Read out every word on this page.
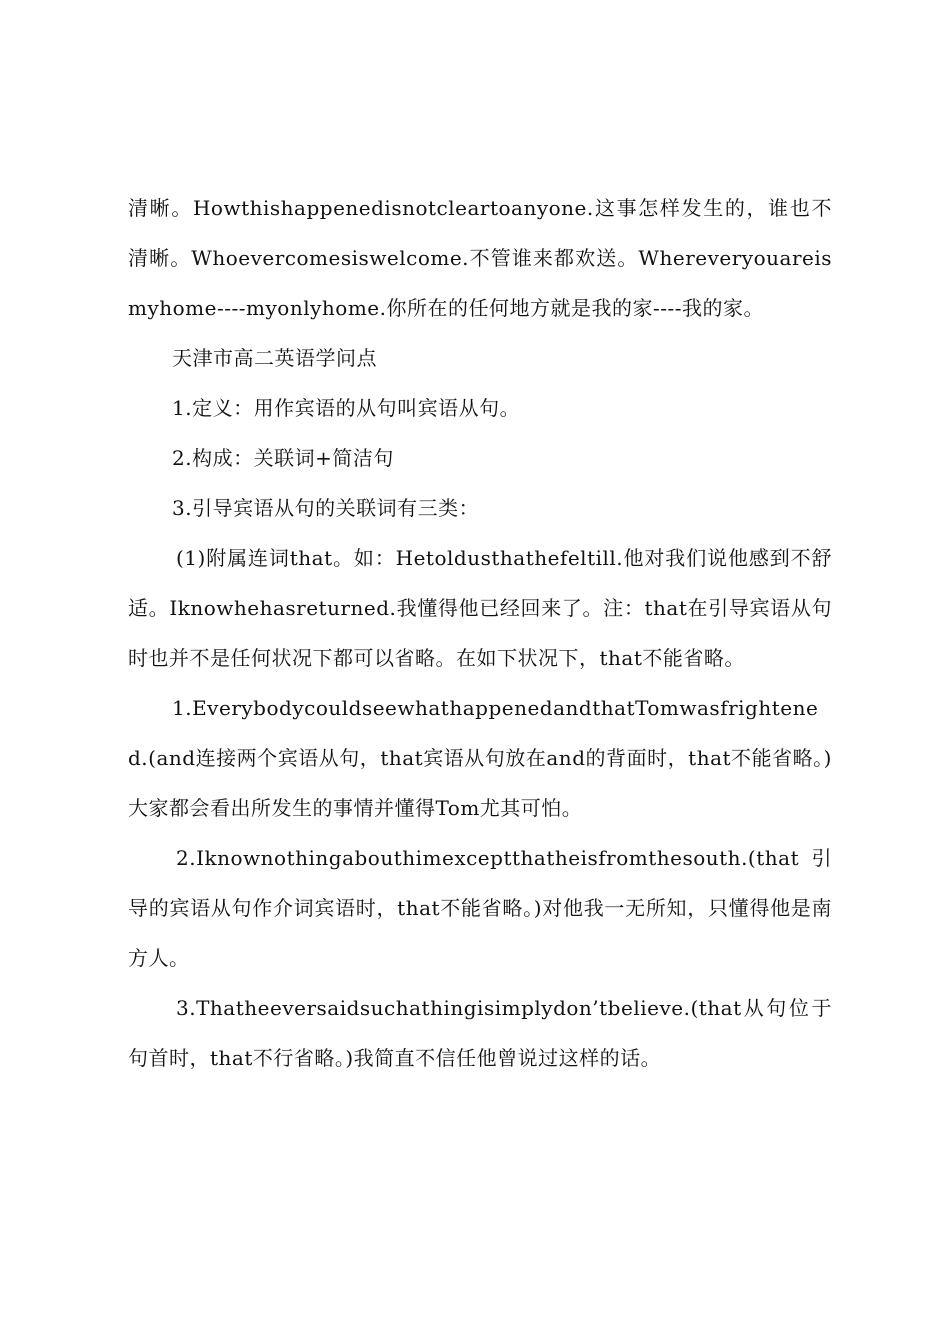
清晰。Howthishappenedisnotcleartoanyone.这事怎样发生的，谁也不清晰。Whoevercomesiswelcome.不管谁来都欢送。Whereveryouareismyhome----myonlyhome.你所在的任何地方就是我的家----我的家。

天津市高二英语学问点

1.定义：用作宾语的从句叫宾语从句。

2.构成：关联词+简洁句

3.引导宾语从句的关联词有三类：

(1)附属连词that。如：Hetoldusthathefeltill.他对我们说他感到不舒适。Iknowhehasreturned.我懂得他已经回来了。注：that在引导宾语从句时也并不是任何状况下都可以省略。在如下状况下，that不能省略。

1.EverybodycouldseewhathappenedandthatTomwasfrightened.(and连接两个宾语从句，that宾语从句放在and的背面时，that不能省略。)大家都会看出所发生的事情并懂得Tom尤其可怕。

2.Iknownothingabouthimexceptthatheisfromthesouth.(that引导的宾语从句作介词宾语时，that不能省略。)对他我一无所知，只懂得他是南方人。

3.Thatheeversaidsuchathingisimplydon’tbelieve.(that从句位于句首时，that不行省略。)我简直不信任他曾说过这样的话。
